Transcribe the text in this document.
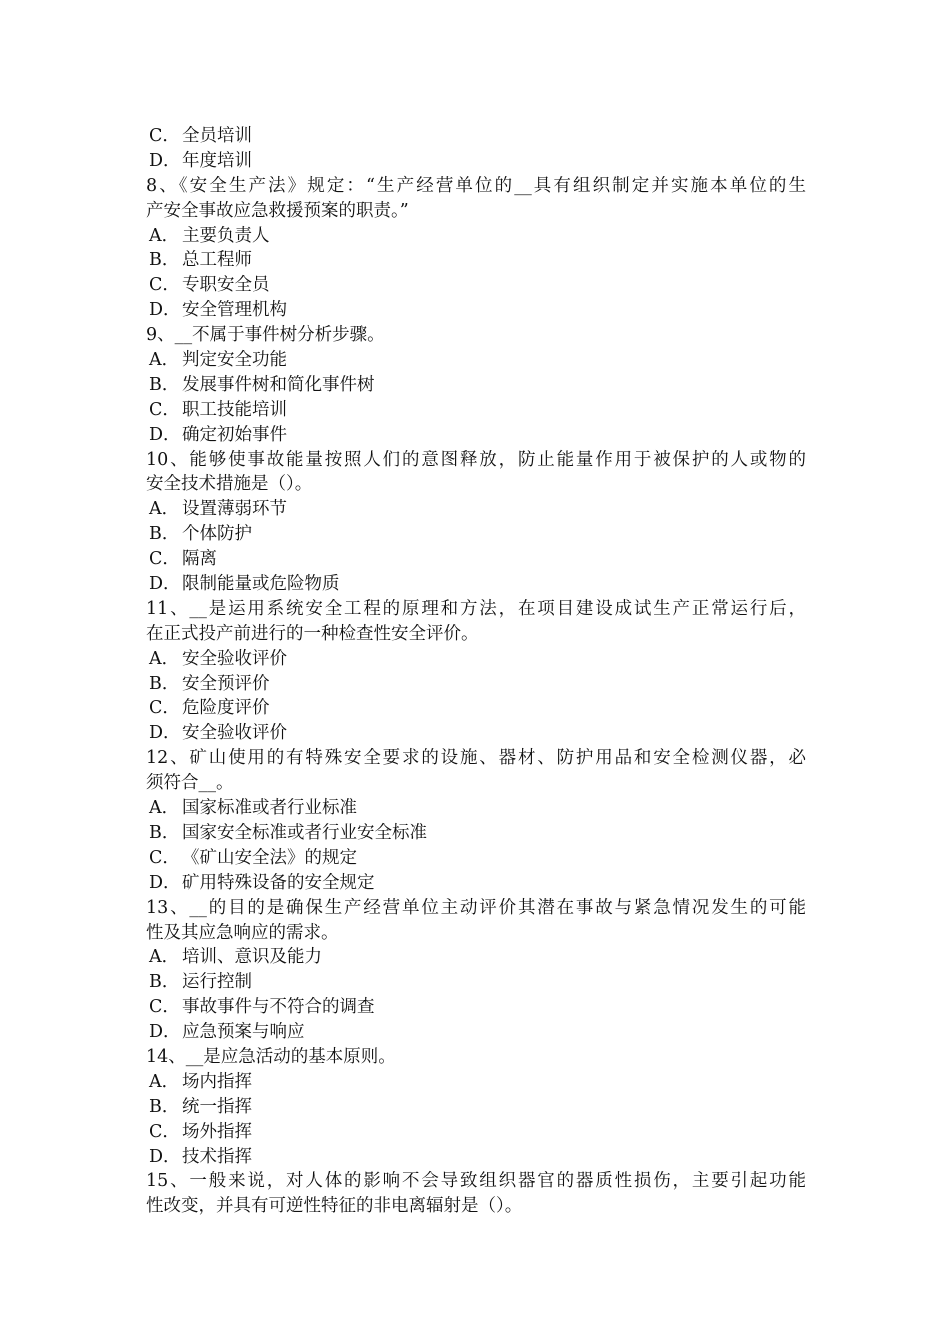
C． 全员培训
D．年度培训
8、《安全生产法》规定：“生产经营单位的__具有组织制定并实施本单位的生
产安全事故应急救援预案的职责。”
A． 主要负责人
B． 总工程师
C． 专职安全员
D．安全管理机构
9、__不属于事件树分析步骤。
A． 判定安全功能
B． 发展事件树和简化事件树
C． 职工技能培训
D．确定初始事件
10、能够使事故能量按照人们的意图释放，防止能量作用于被保护的人或物的
安全技术措施是（）。
A． 设置薄弱环节
B． 个体防护
C． 隔离
D．限制能量或危险物质
11、__是运用系统安全工程的原理和方法，在项目建设成试生产正常运行后，
在正式投产前进行的一种检查性安全评价。
A． 安全验收评价
B． 安全预评价
C． 危险度评价
D．安全验收评价
12、矿山使用的有特殊安全要求的设施、器材、防护用品和安全检测仪器，必
须符合__。
A． 国家标准或者行业标准
B． 国家安全标准或者行业安全标准
C． 《矿山安全法》的规定
D．矿用特殊设备的安全规定
13、__的目的是确保生产经营单位主动评价其潜在事故与紧急情况发生的可能
性及其应急响应的需求。
A． 培训、意识及能力
B． 运行控制
C． 事故事件与不符合的调查
D．应急预案与响应
14、__是应急活动的基本原则。
A． 场内指挥
B． 统一指挥
C． 场外指挥
D．技术指挥
15、一般来说，对人体的影响不会导致组织器官的器质性损伤，主要引起功能
性改变，并具有可逆性特征的非电离辐射是（）。
